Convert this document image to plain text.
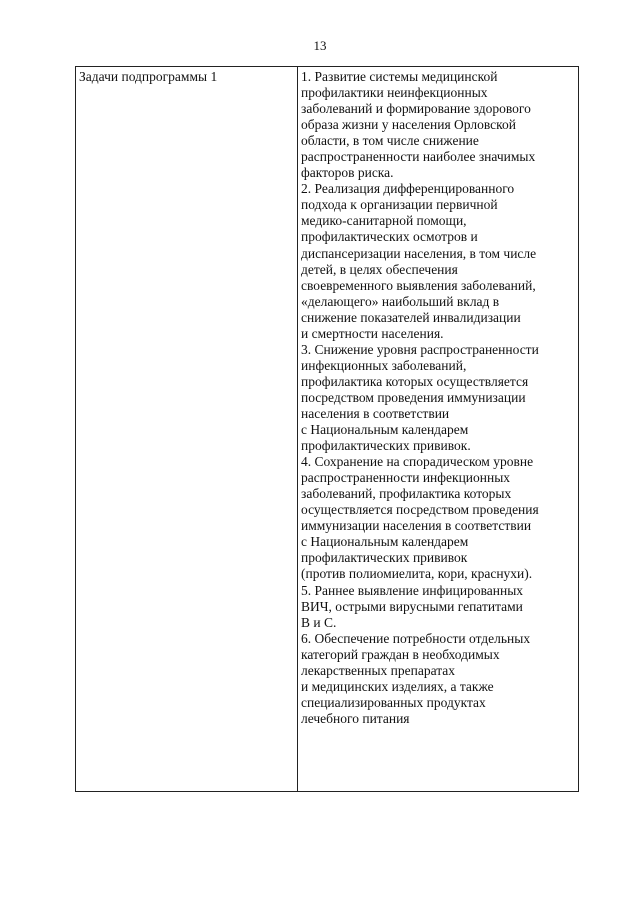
13
Задачи подпрограммы 1	1. Развитие системы медицинской
профилактики неинфекционных
заболеваний и формирование здорового
образа жизни у населения Орловской
области, в том числе снижение
распространенности наиболее значимых
факторов риска.
2. Реализация дифференцированного
подхода к организации первичной
медико-санитарной помощи,
профилактических осмотров и
диспансеризации населения, в том числе
детей, в целях обеспечения
своевременного выявления заболеваний,
«делающего» наибольший вклад в
снижение показателей инвалидизации
и смертности населения.
3. Снижение уровня распространенности
инфекционных заболеваний,
профилактика которых осуществляется
посредством проведения иммунизации
населения в соответствии
с Национальным календарем
профилактических прививок.
4. Сохранение на спорадическом уровне
распространенности инфекционных
заболеваний, профилактика которых
осуществляется посредством проведения
иммунизации населения в соответствии
с Национальным календарем
профилактических прививок
(против полиомиелита, кори, краснухи).
5. Раннее выявление инфицированных
ВИЧ, острыми вирусными гепатитами
В и С.
6. Обеспечение потребности отдельных
категорий граждан в необходимых
лекарственных препаратах
и медицинских изделиях, а также
специализированных продуктах
лечебного питания
